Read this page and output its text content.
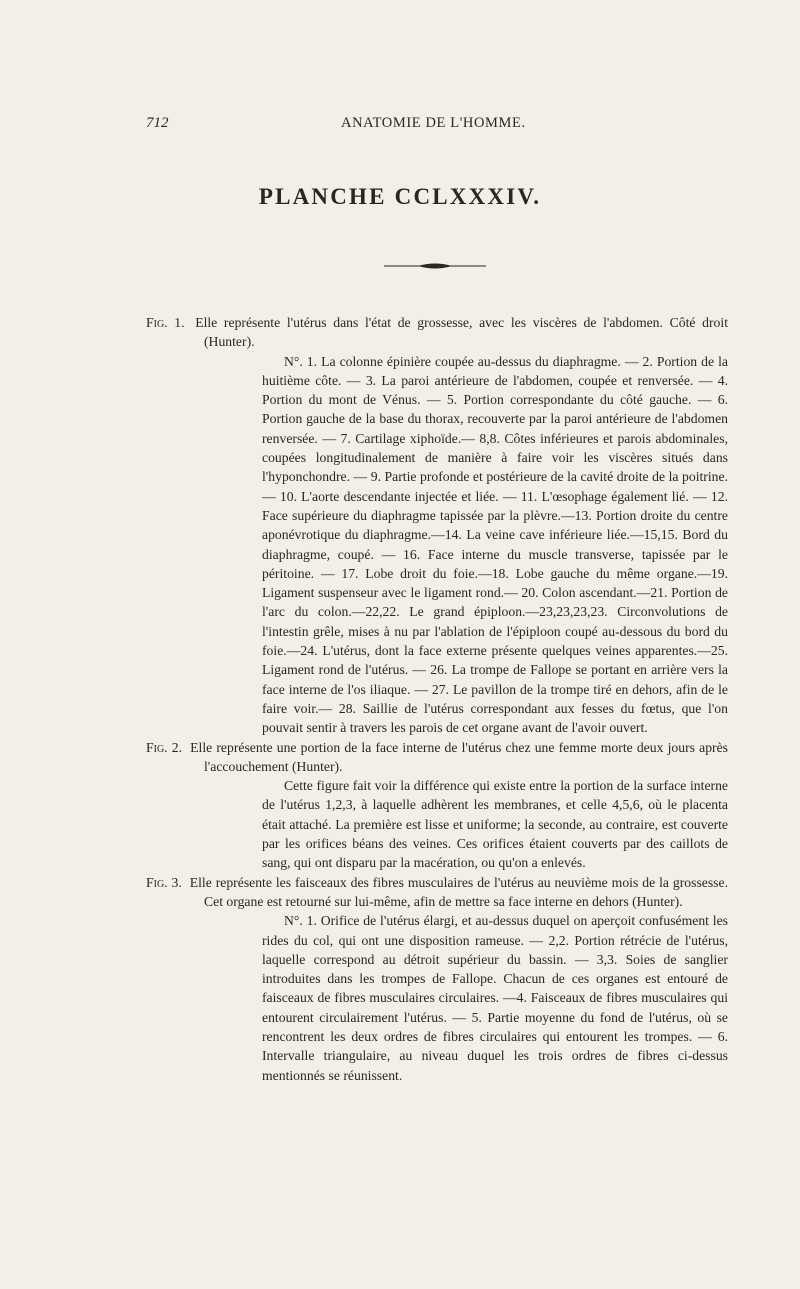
712	ANATOMIE DE L'HOMME.
PLANCHE CCLXXXIV.
Fig. 1. Elle représente l'utérus dans l'état de grossesse, avec les viscères de l'abdomen. Côté droit (Hunter).
N°. 1. La colonne épinière coupée au-dessus du diaphragme. — 2. Portion de la huitième côte. — 3. La paroi antérieure de l'abdomen, coupée et renversée. — 4. Portion du mont de Vénus. — 5. Portion correspondante du côté gauche. — 6. Portion gauche de la base du thorax, recouverte par la paroi antérieure de l'abdomen renversée. — 7. Cartilage xiphoïde.— 8,8. Côtes inférieures et parois abdominales, coupées longitudinalement de manière à faire voir les viscères situés dans l'hyponchondre. — 9. Partie profonde et postérieure de la cavité droite de la poitrine. — 10. L'aorte descendante injectée et liée. — 11. L'œsophage également lié. — 12. Face supérieure du diaphragme tapissée par la plèvre.—13. Portion droite du centre aponévrotique du diaphragme.—14. La veine cave inférieure liée.—15,15. Bord du diaphragme, coupé. — 16. Face interne du muscle transverse, tapissée par le péritoine. — 17. Lobe droit du foie.—18. Lobe gauche du même organe.—19. Ligament suspenseur avec le ligament rond.— 20. Colon ascendant.—21. Portion de l'arc du colon.—22,22. Le grand épiploon.—23,23,23,23. Circonvolutions de l'intestin grêle, mises à nu par l'ablation de l'épiploon coupé au-dessous du bord du foie.—24. L'utérus, dont la face externe présente quelques veines apparentes.—25. Ligament rond de l'utérus. — 26. La trompe de Fallope se portant en arrière vers la face interne de l'os iliaque. — 27. Le pavillon de la trompe tiré en dehors, afin de le faire voir.— 28. Saillie de l'utérus correspondant aux fesses du fœtus, que l'on pouvait sentir à travers les parois de cet organe avant de l'avoir ouvert.
Fig. 2. Elle représente une portion de la face interne de l'utérus chez une femme morte deux jours après l'accouchement (Hunter).
Cette figure fait voir la différence qui existe entre la portion de la surface interne de l'utérus 1,2,3, à laquelle adhèrent les membranes, et celle 4,5,6, où le placenta était attaché. La première est lisse et uniforme; la seconde, au contraire, est couverte par les orifices béans des veines. Ces orifices étaient couverts par des caillots de sang, qui ont disparu par la macération, ou qu'on a enlevés.
Fig. 3. Elle représente les faisceaux des fibres musculaires de l'utérus au neuvième mois de la grossesse. Cet organe est retourné sur lui-même, afin de mettre sa face interne en dehors (Hunter).
N°. 1. Orifice de l'utérus élargi, et au-dessus duquel on aperçoit confusément les rides du col, qui ont une disposition rameuse. — 2,2. Portion rétrécie de l'utérus, laquelle correspond au détroit supérieur du bassin. — 3,3. Soies de sanglier introduites dans les trompes de Fallope. Chacun de ces organes est entouré de faisceaux de fibres musculaires circulaires. —4. Faisceaux de fibres musculaires qui entourent circulairement l'utérus. — 5. Partie moyenne du fond de l'utérus, où se rencontrent les deux ordres de fibres circulaires qui entourent les trompes. — 6. Intervalle triangulaire, au niveau duquel les trois ordres de fibres ci-dessus mentionnés se réunissent.
